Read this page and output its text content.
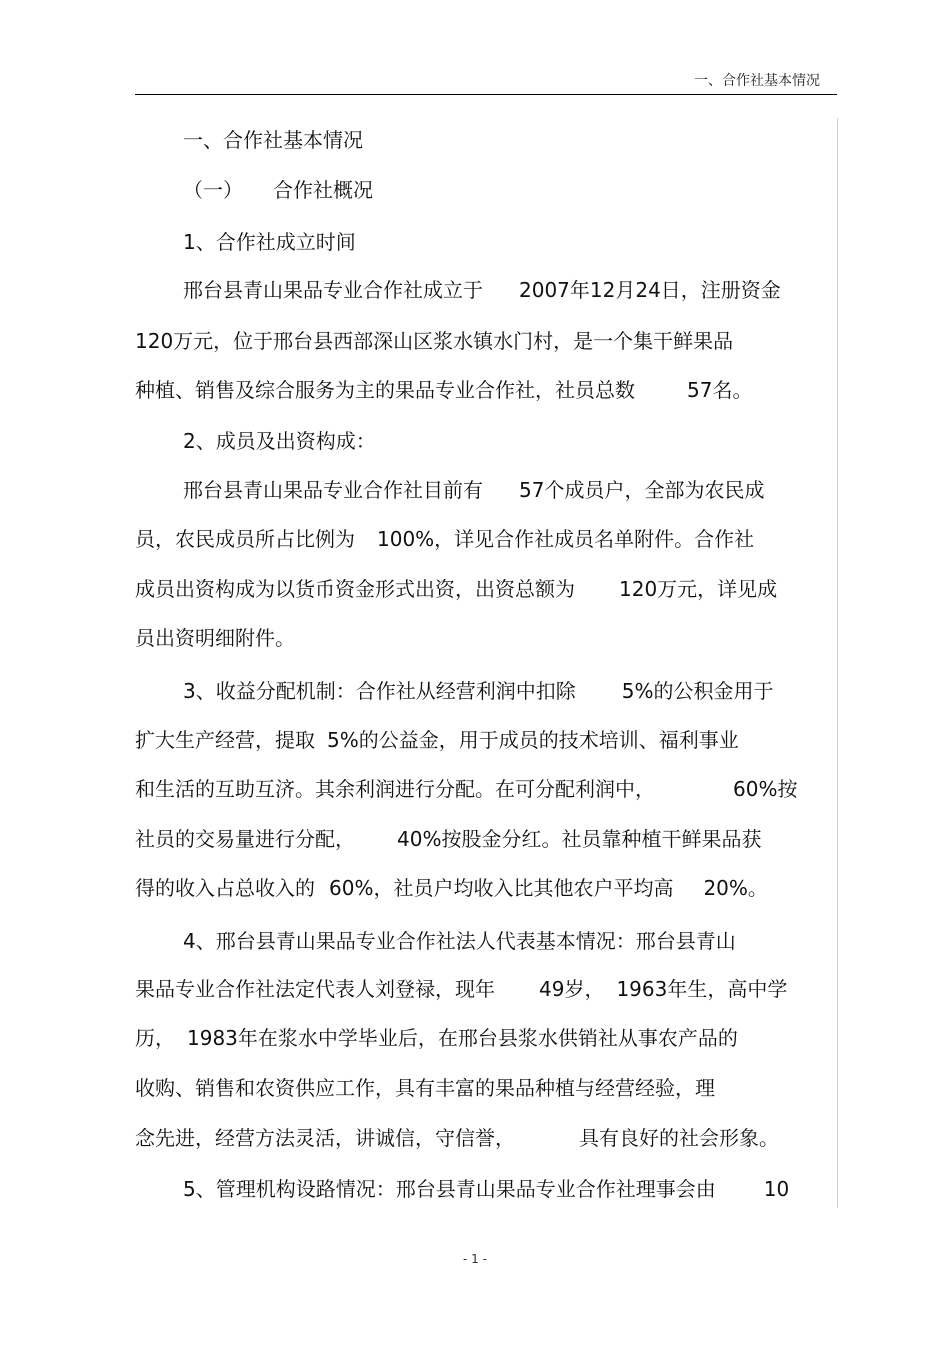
一、合作社基本情况
一、合作社基本情况
（一） 合作社概况
1、合作社成立时间
邢台县青山果品专业合作社成立于 2007年12月24日，注册资金
120万元，位于邢台县西部深山区浆水镇水门村，是一个集干鲜果品
种植、销售及综合服务为主的果品专业合作社，社员总数	57名。
2、成员及出资构成：
邢台县青山果品专业合作社目前有 57个成员户，全部为农民成
员，农民成员所占比例为 100%，详见合作社成员名单附件。合作社
成员出资构成为以货币资金形式出资，出资总额为 120万元，详见成
员出资明细附件。
3、收益分配机制：合作社从经营利润中扣除 5%的公积金用于
扩大生产经营，提取 5%的公益金，用于成员的技术培训、福利事业
和生活的互助互济。其余利润进行分配。在可分配利润中，	60%按
社员的交易量进行分配， 40%按股金分红。社员靠种植干鲜果品获
得的收入占总收入的 60%，社员户均收入比其他农户平均高 20%。
4、邢台县青山果品专业合作社法人代表基本情况：邢台县青山
果品专业合作社法定代表人刘登禄，现年 49岁， 1963年生，高中学
历， 1983年在浆水中学毕业后，在邢台县浆水供销社从事农产品的
收购、销售和农资供应工作，具有丰富的果品种植与经营经验，理
念先进，经营方法灵活，讲诚信，守信誉，	具有良好的社会形象。
5、管理机构设路情况：邢台县青山果品专业合作社理事会由 10
- 1 -
